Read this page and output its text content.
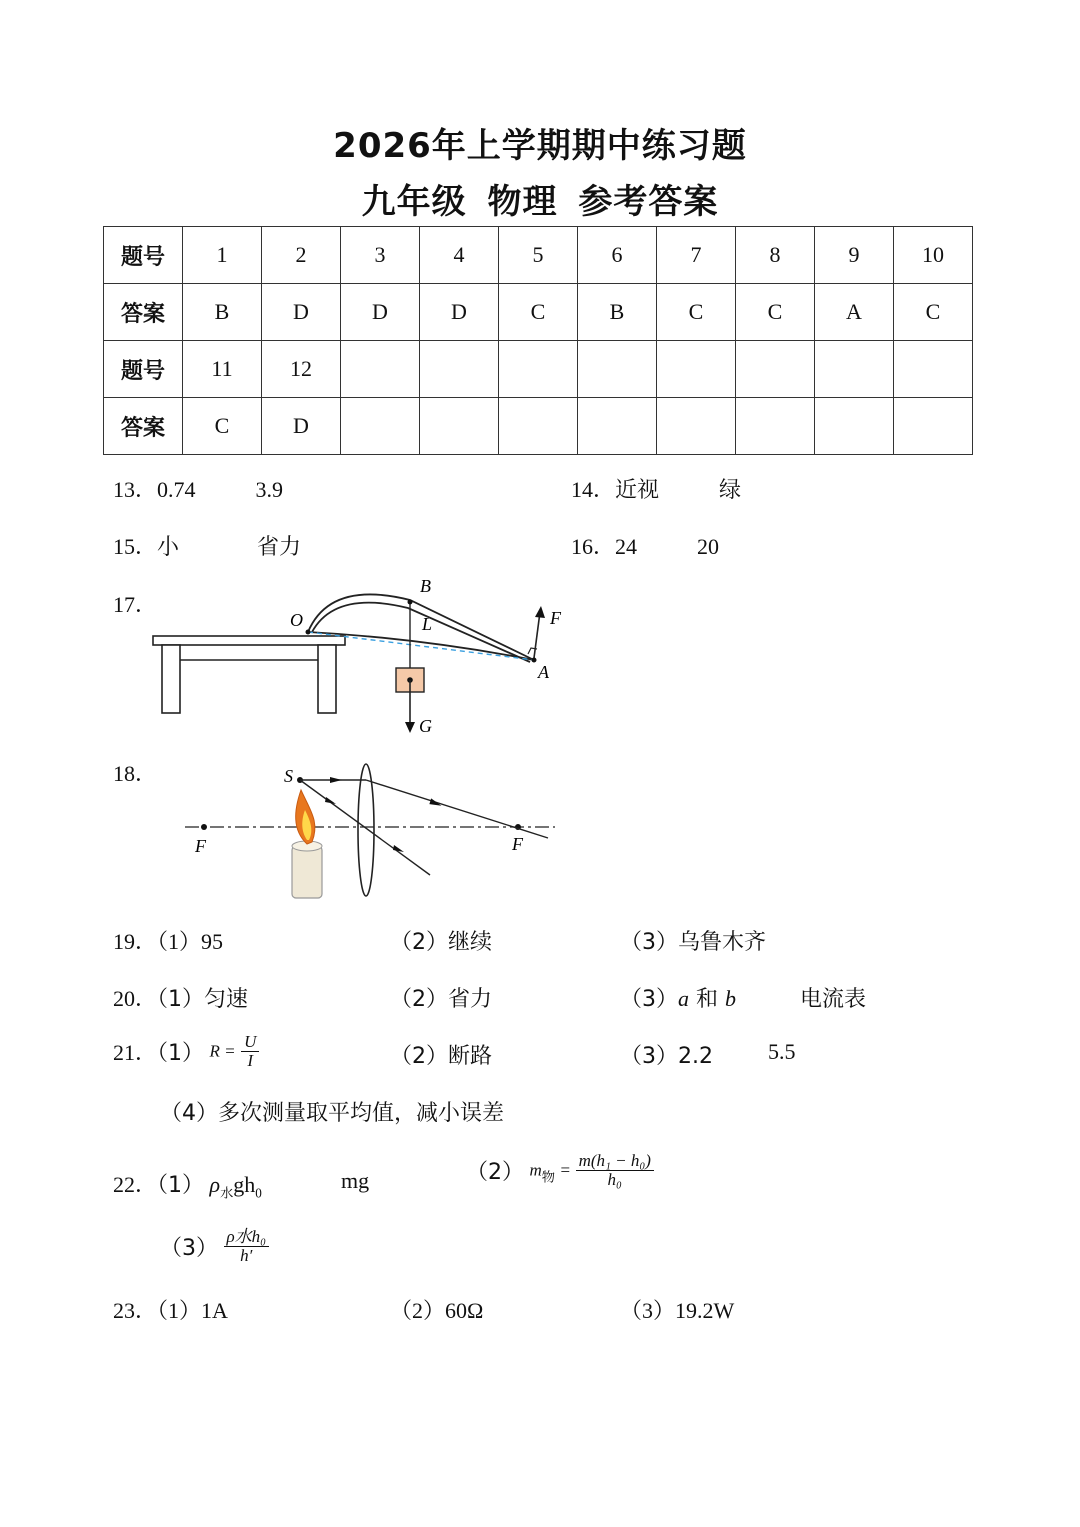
2026年上学期期中练习题
九年级 物理 参考答案
题号	1	2	3	4	5	6	7	8	9	10
答案	B	D	D	D	C	B	C	C	A	C
题号	11	12								
答案	C	D								
13．0.74	3.9	14．近视	绿
15．小	省力	16．24	20
17．
B
O	L	F
A
G
18．	S
F	F
19．（1）95	（2）继续	（3）乌鲁木齐
20．（1）匀速	（2）省力	（3）a 和 b	电流表
21．（1） $R = \frac{U}{I}$	（2）断路	（3）2.2	5.5
（4）多次测量取平均值，减小误差
22．（1） $\rho_水gh_0$	mg	（2） $m_物 = \frac{\text{m(h₁ − h₀)}}{\text{h₀}}$
$(3) \frac{\text{ρ水h₀}}{h'}$
23．（1）1A	（2）60Ω	（3）19.2W
